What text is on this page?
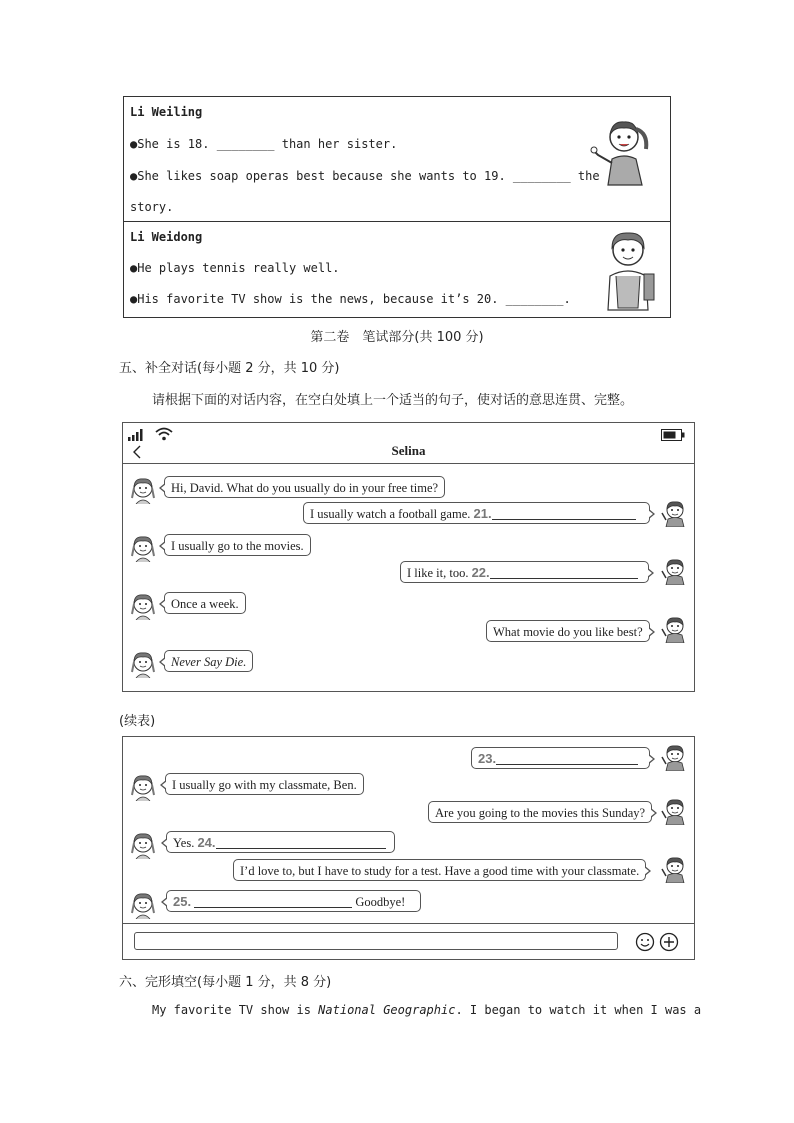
Li Weiling
●She is 18. ________ than her sister.
●She likes soap operas best because she wants to 19. ________ the
story.
Li Weidong
●He plays tennis really well.
●His favorite TV show is the news, because it’s 20. ________.
第二卷　笔试部分(共 100 分)
五、补全对话(每小题 2 分，共 10 分)
请根据下面的对话内容，在空白处填上一个适当的句子，使对话的意思连贯、完整。
Selina
Hi, David. What do you usually do in your free time?
I usually watch a football game. 21.
I usually go to the movies.
I like it, too. 22.
Once a week.
What movie do you like best?
Never Say Die.
(续表)
23.
I usually go with my classmate, Ben.
Are you going to the movies this Sunday?
Yes. 24.
I’d love to, but I have to study for a test. Have a good time with your classmate.
25.	Goodbye!
六、完形填空(每小题 1 分，共 8 分)
My favorite TV show is National Geographic. I began to watch it when I was a
